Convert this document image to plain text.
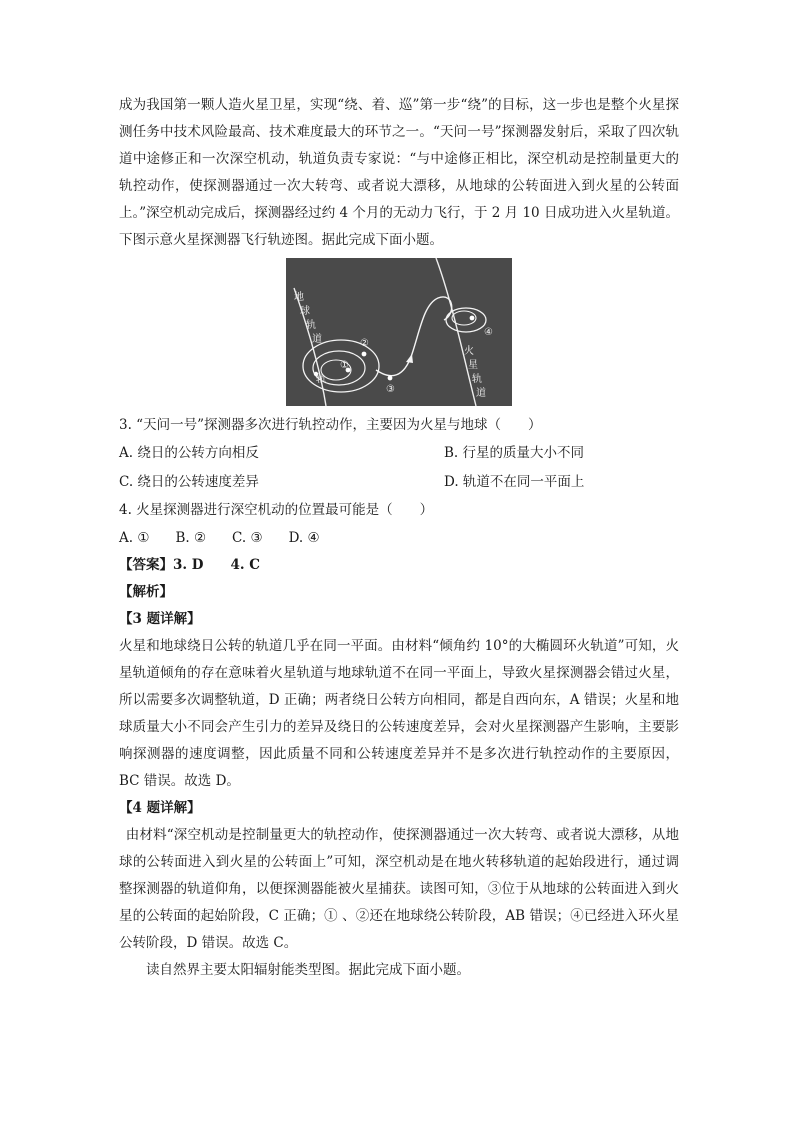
成为我国第一颗人造火星卫星，实现“绕、着、巡”第一步“绕”的目标，这一步也是整个火星探测任务中技术风险最高、技术难度最大的环节之一。“天问一号”探测器发射后，采取了四次轨道中途修正和一次深空机动，轨道负责专家说：“与中途修正相比，深空机动是控制量更大的轨控动作，使探测器通过一次大转弯、或者说大漂移，从地球的公转面进入到火星的公转面上。”深空机动完成后，探测器经过约 4 个月的无动力飞行，于 2 月 10 日成功进入火星轨道。下图示意火星探测器飞行轨迹图。据此完成下面小题。

地
球
轨
道
火
星
轨
道
轨
①
②
③
④

3. “天问一号”探测器多次进行轨控动作，主要因为火星与地球（　　）

A. 绕日的公转方向相反	B. 行星的质量大小不同
C. 绕日的公转速度差异	D. 轨道不在同一平面上

4. 火星探测器进行深空机动的位置最可能是（　　）

A. ① B. ② C. ③ D. ④

【答案】3. D　　4. C

【解析】

【3 题详解】

火星和地球绕日公转的轨道几乎在同一平面。由材料“倾角约 10°的大椭圆环火轨道”可知，火星轨道倾角的存在意味着火星轨道与地球轨道不在同一平面上，导致火星探测器会错过火星，所以需要多次调整轨道，D 正确；两者绕日公转方向相同，都是自西向东，A 错误；火星和地球质量大小不同会产生引力的差异及绕日的公转速度差异，会对火星探测器产生影响，主要影响探测器的速度调整，因此质量不同和公转速度差异并不是多次进行轨控动作的主要原因，BC 错误。故选 D。

【4 题详解】

由材料“深空机动是控制量更大的轨控动作，使探测器通过一次大转弯、或者说大漂移，从地球的公转面进入到火星的公转面上”可知，深空机动是在地火转移轨道的起始段进行，通过调整探测器的轨道仰角，以便探测器能被火星捕获。读图可知，③位于从地球的公转面进入到火星的公转面的起始阶段，C 正确；① 、②还在地球绕公转阶段，AB 错误；④已经进入环火星公转阶段，D 错误。故选 C。

读自然界主要太阳辐射能类型图。据此完成下面小题。
